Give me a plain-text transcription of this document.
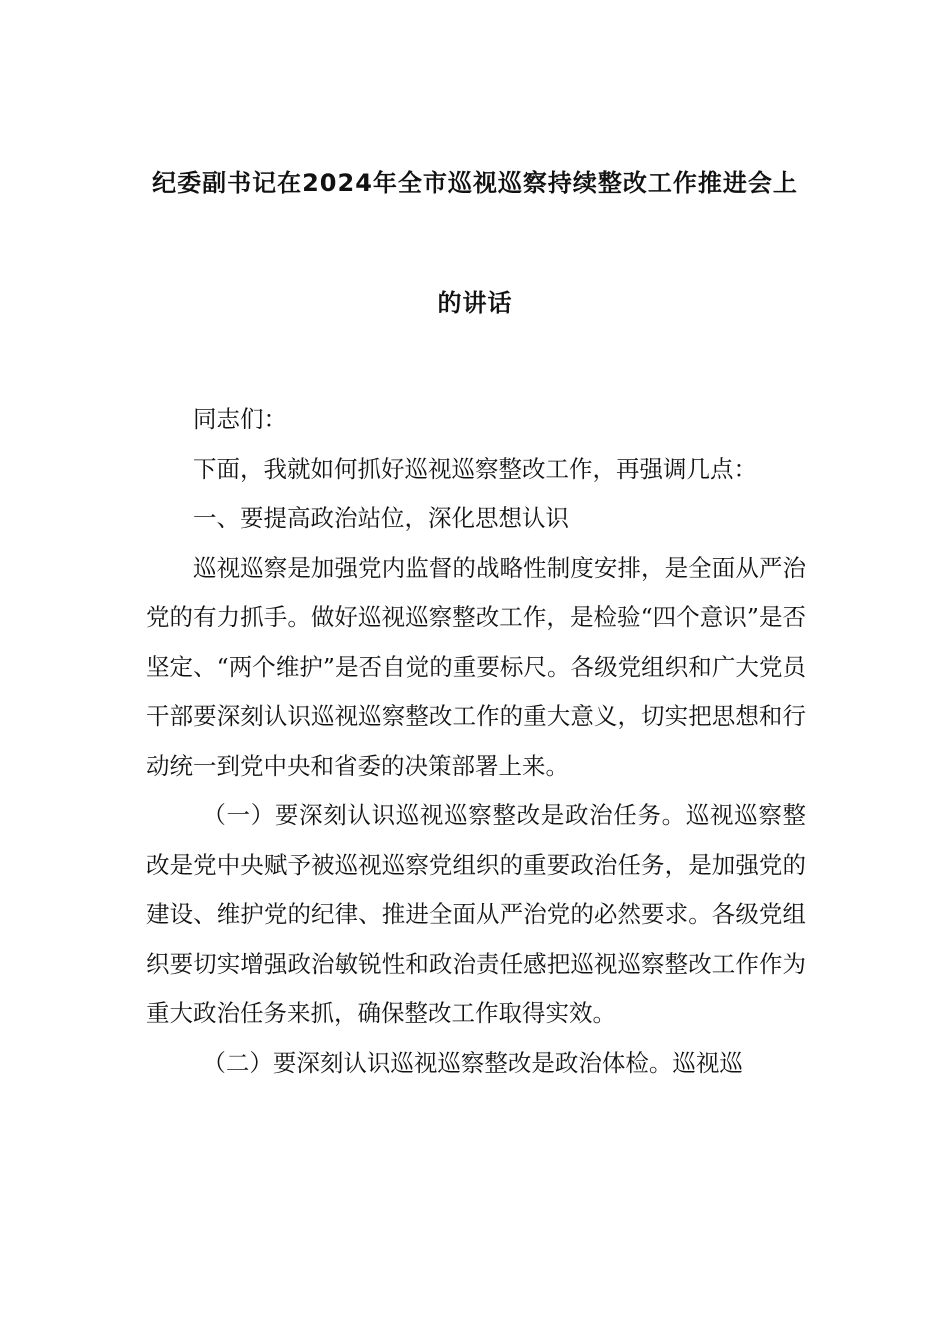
纪委副书记在2024年全市巡视巡察持续整改工作推进会上
的讲话

同志们：

下面，我就如何抓好巡视巡察整改工作，再强调几点：

一、要提高政治站位，深化思想认识

巡视巡察是加强党内监督的战略性制度安排，是全面从严治党的有力抓手。做好巡视巡察整改工作，是检验“四个意识”是否坚定、“两个维护”是否自觉的重要标尺。各级党组织和广大党员干部要深刻认识巡视巡察整改工作的重大意义，切实把思想和行动统一到党中央和省委的决策部署上来。

（一）要深刻认识巡视巡察整改是政治任务。巡视巡察整改是党中央赋予被巡视巡察党组织的重要政治任务，是加强党的建设、维护党的纪律、推进全面从严治党的必然要求。各级党组织要切实增强政治敏锐性和政治责任感把巡视巡察整改工作作为重大政治任务来抓，确保整改工作取得实效。

（二）要深刻认识巡视巡察整改是政治体检。巡视巡
